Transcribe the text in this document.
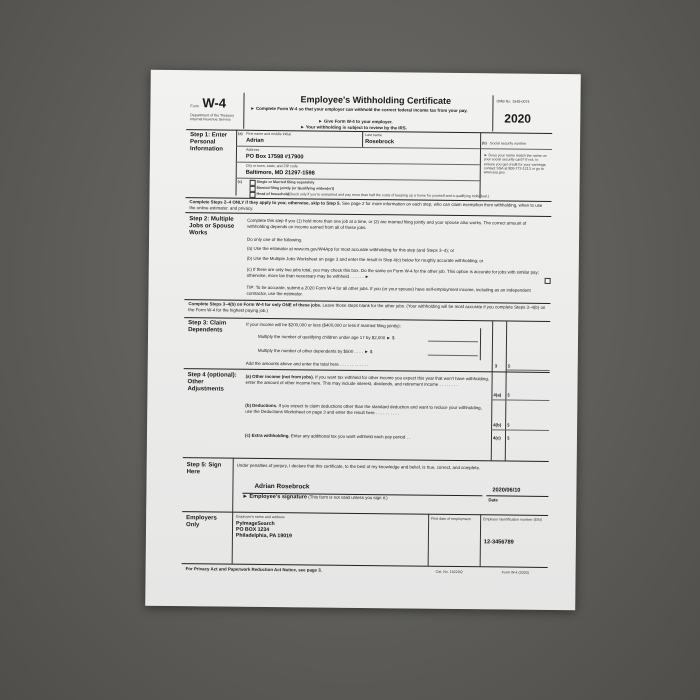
Form W-4
Department of the Treasury Internal Revenue Service
Employee's Withholding Certificate
► Complete Form W-4 so that your employer can withhold the correct federal income tax from your pay.
► Give Form W-4 to your employer.
► Your withholding is subject to review by the IRS.
OMB No. 1545-0074
2020
Step 1: Enter Personal Information
(a) First name and middle initial
Adrian
Last name
Rosebrock	(b) Social security number
Address
PO Box 17598 #17900
City or town, state, and ZIP code
Baltimore, MD 21297-1598
► Does your name match the name on your social security card? If not, to ensure you get credit for your earnings, contact SSA at 800-772-1213 or go to www.ssa.gov.
(c)	Single or Married filing separately
Married filing jointly (or Qualifying widow(er))
Head of household
(Check only if you're unmarried and pay more than half the costs of keeping up a home for yourself and a qualifying individual.)
Complete Steps 2–4 ONLY if they apply to you; otherwise, skip to Step 5. See page 2 for more information on each step, who can claim exemption from withholding, when to use the online estimator, and privacy.
Step 2: Multiple Jobs or Spouse Works
Complete this step if you (1) hold more than one job at a time, or (2) are married filing jointly and your spouse also works. The correct amount of withholding depends on income earned from all of these jobs.
Do only one of the following.
(a) Use the estimator at www.irs.gov/W4App for most accurate withholding for this step (and Steps 3–4); or
(b) Use the Multiple Jobs Worksheet on page 3 and enter the result in Step 4(c) below for roughly accurate withholding; or
(c) If there are only two jobs total, you may check this box. Do the same on Form W-4 for the other job. This option is accurate for jobs with similar pay; otherwise, more tax than necessary may be withheld . . . . . . ►
TIP: To be accurate, submit a 2020 Form W-4 for all other jobs. If you (or your spouse) have self-employment income, including as an independent contractor, use the estimator.
Complete Steps 3–4(b) on Form W-4 for only ONE of these jobs. Leave those steps blank for the other jobs. (Your withholding will be most accurate if you complete Steps 3–4(b) on the Form W-4 for the highest paying job.)
Step 3: Claim Dependents
If your income will be $200,000 or less ($400,000 or less if married filing jointly):
Multiply the number of qualifying children under age 17 by $2,000 ► $
Multiply the number of other dependents by $500 . . . . ► $
Add the amounts above and enter the total here . . . . . . . . . . . .	3 $
Step 4 (optional): Other Adjustments
(a) Other income (not from jobs). If you want tax withheld for other income you expect this year that won't have withholding, enter the amount of other income here. This may include interest, dividends, and retirement income . . . . . . . .
4(a) $
(b) Deductions. If you expect to claim deductions other than the standard deduction and want to reduce your withholding, use the Deductions Worksheet on page 3 and enter the result here . . . . . . . . . .
4(b) $
(c) Extra withholding. Enter any additional tax you want withheld each pay period . .	4(c) $
Step 5: Sign Here
Under penalties of perjury, I declare that this certificate, to the best of my knowledge and belief, is true, correct, and complete.
Adrian Rosebrock
► Employee's signature (This form is not valid unless you sign it.)
2020/06/10
Date
Employers Only
Employer's name and address
PyImageSearch
PO BOX 1234
Philadelphia, PA 19019
First date of employment	Employer identification number (EIN)
12-3456789
For Privacy Act and Paperwork Reduction Act Notice, see page 3.	Cat. No. 10220Q	Form W-4 (2020)
